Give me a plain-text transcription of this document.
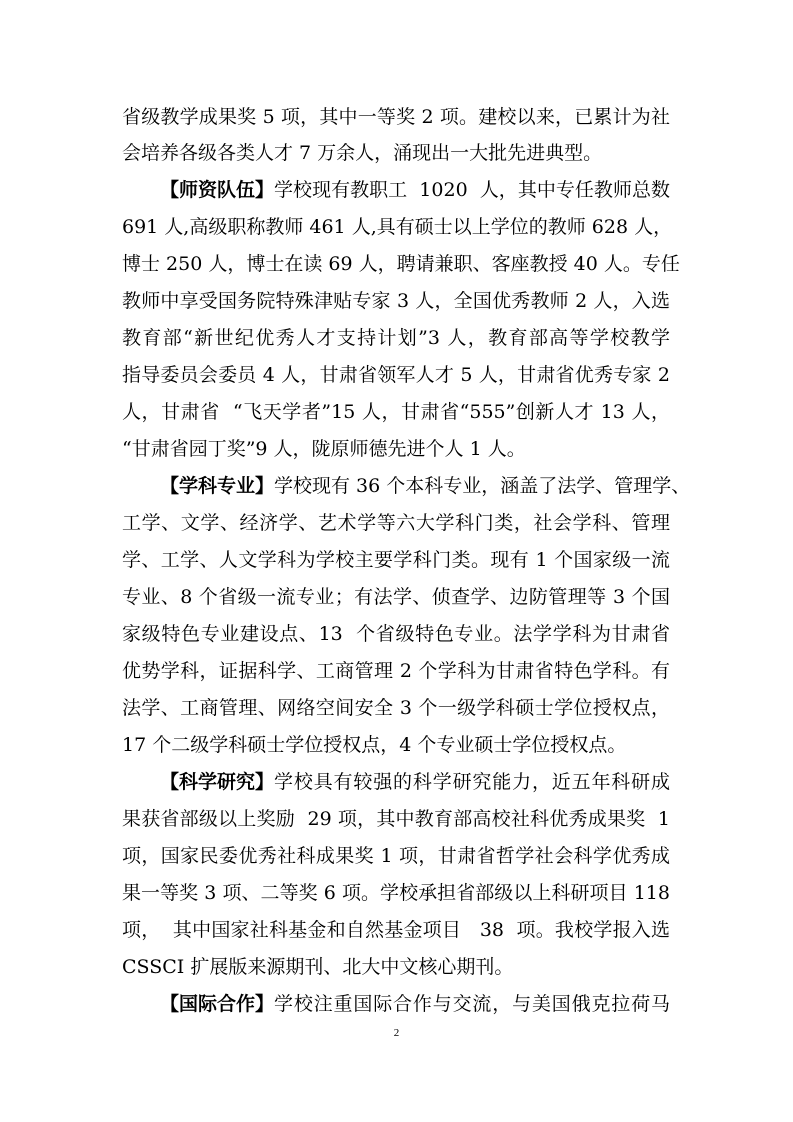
省级教学成果奖 5 项，其中一等奖 2 项。建校以来，已累计为社
会培养各级各类人才 7 万余人，涌现出一大批先进典型。
【师资队伍】 学校现有教职工  1020  人，其中专任教师总数
691 人,高级职称教师 461 人,具有硕士以上学位的教师 628 人，
博士 250 人，博士在读 69 人，聘请兼职、客座教授 40 人。专任
教师中享受国务院特殊津贴专家 3 人，全国优秀教师 2 人，入选
教育部“新世纪优秀人才支持计划”3 人，教育部高等学校教学
指导委员会委员 4 人，甘肃省领军人才 5 人，甘肃省优秀专家 2
人，甘肃省  “飞天学者”15 人，甘肃省“555”创新人才 13 人，
“甘肃省园丁奖”9 人，陇原师德先进个人 1 人。
【学科专业】 学校现有 36 个本科专业，涵盖了法学、管理学、
工学、文学、经济学、艺术学等六大学科门类，社会学科、管理
学、工学、人文学科为学校主要学科门类。现有 1 个国家级一流
专业、8 个省级一流专业；有法学、侦查学、边防管理等 3 个国
家级特色专业建设点、13  个省级特色专业。法学学科为甘肃省
优势学科，证据科学、工商管理 2 个学科为甘肃省特色学科。有
法学、工商管理、网络空间安全 3 个一级学科硕士学位授权点，
17 个二级学科硕士学位授权点，4 个专业硕士学位授权点。
【科学研究】 学校具有较强的科学研究能力，近五年科研成
果获省部级以上奖励  29 项，其中教育部高校社科优秀成果奖  1
项，国家民委优秀社科成果奖 1 项，甘肃省哲学社会科学优秀成
果一等奖 3 项、二等奖 6 项。学校承担省部级以上科研项目 118
项，  其中国家社科基金和自然基金项目   38  项。我校学报入选
CSSCI 扩展版来源期刊、北大中文核心期刊。
【国际合作】 学校注重国际合作与交流，与美国俄克拉荷马
2
